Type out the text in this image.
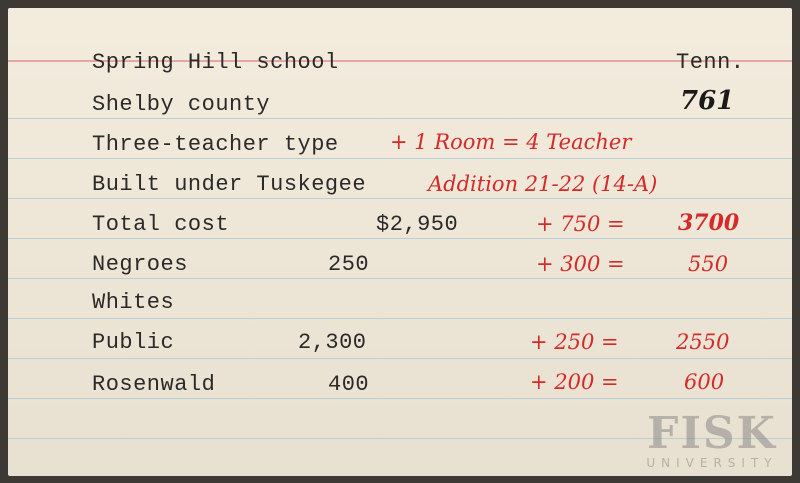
Spring Hill school	Tenn.
Shelby county	761
Three-teacher type + 1 Room = 4 Teacher
Built under Tuskegee	Addition 21-22 (14-A)
Total cost	$2,950	+ 750 = 3700
Negroes	250	+ 300 =	550
Whites
Public	2,300	+ 250 =	2550
Rosenwald	400	+ 200 =	600
FISK
UNIVERSITY
